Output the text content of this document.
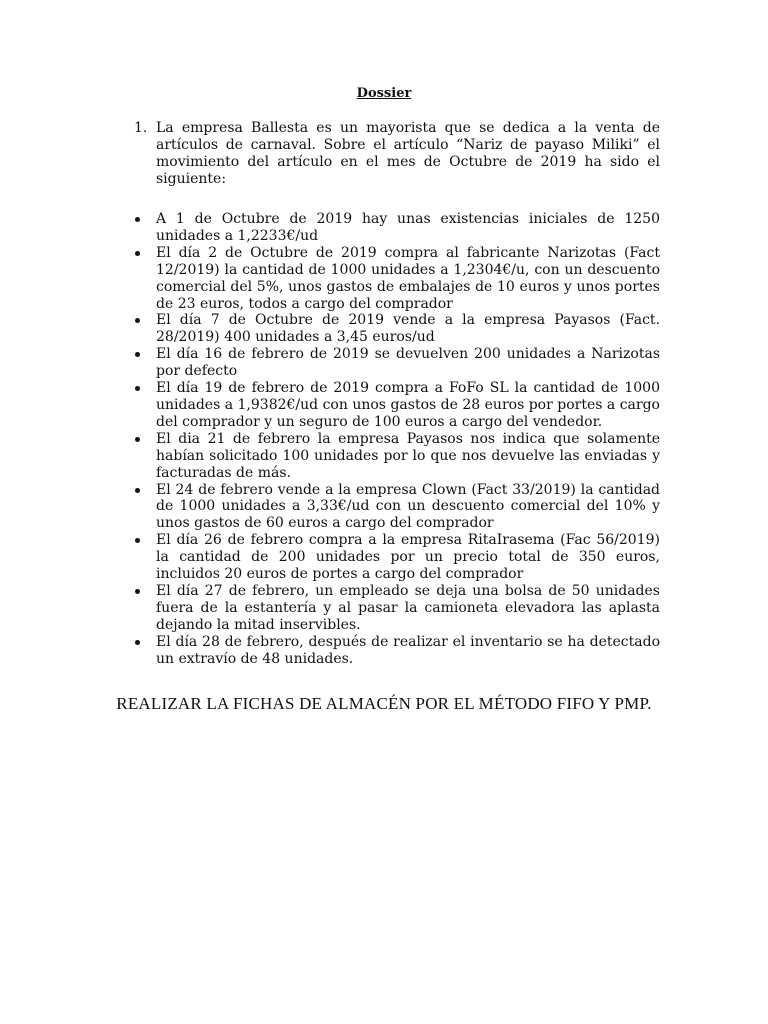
Dossier

1. La empresa Ballesta es un mayorista que se dedica a la venta de artículos de carnaval. Sobre el artículo “Nariz de payaso Miliki” el movimiento del artículo en el mes de Octubre de 2019 ha sido el siguiente:

A 1 de Octubre de 2019 hay unas existencias iniciales de 1250 unidades a 1,2233€/ud
El día 2 de Octubre de 2019 compra al fabricante Narizotas (Fact 12/2019) la cantidad de 1000 unidades a 1,2304€/u, con un descuento comercial del 5%, unos gastos de embalajes de 10 euros y unos portes de 23 euros, todos a cargo del comprador
El día 7 de Octubre de 2019 vende a la empresa Payasos (Fact. 28/2019) 400 unidades a 3,45 euros/ud
El día 16 de febrero de 2019 se devuelven 200 unidades a Narizotas por defecto
El día 19 de febrero de 2019 compra a FoFo SL la cantidad de 1000 unidades a 1,9382€/ud con unos gastos de 28 euros por portes a cargo del comprador y un seguro de 100 euros a cargo del vendedor.
El dia 21 de febrero la empresa Payasos nos indica que solamente habían solicitado 100 unidades por lo que nos devuelve las enviadas y facturadas de más.
El 24 de febrero vende a la empresa Clown (Fact 33/2019) la cantidad de 1000 unidades a 3,33€/ud con un descuento comercial del 10% y unos gastos de 60 euros a cargo del comprador
El día 26 de febrero compra a la empresa RitaIrasema (Fac 56/2019) la cantidad de 200 unidades por un precio total de 350 euros, incluidos 20 euros de portes a cargo del comprador
El día 27 de febrero, un empleado se deja una bolsa de 50 unidades fuera de la estantería y al pasar la camioneta elevadora las aplasta dejando la mitad inservibles.
El día 28 de febrero, después de realizar el inventario se ha detectado un extravío de 48 unidades.

REALIZAR LA FICHAS DE ALMACÉN POR EL MÉTODO FIFO Y PMP.
